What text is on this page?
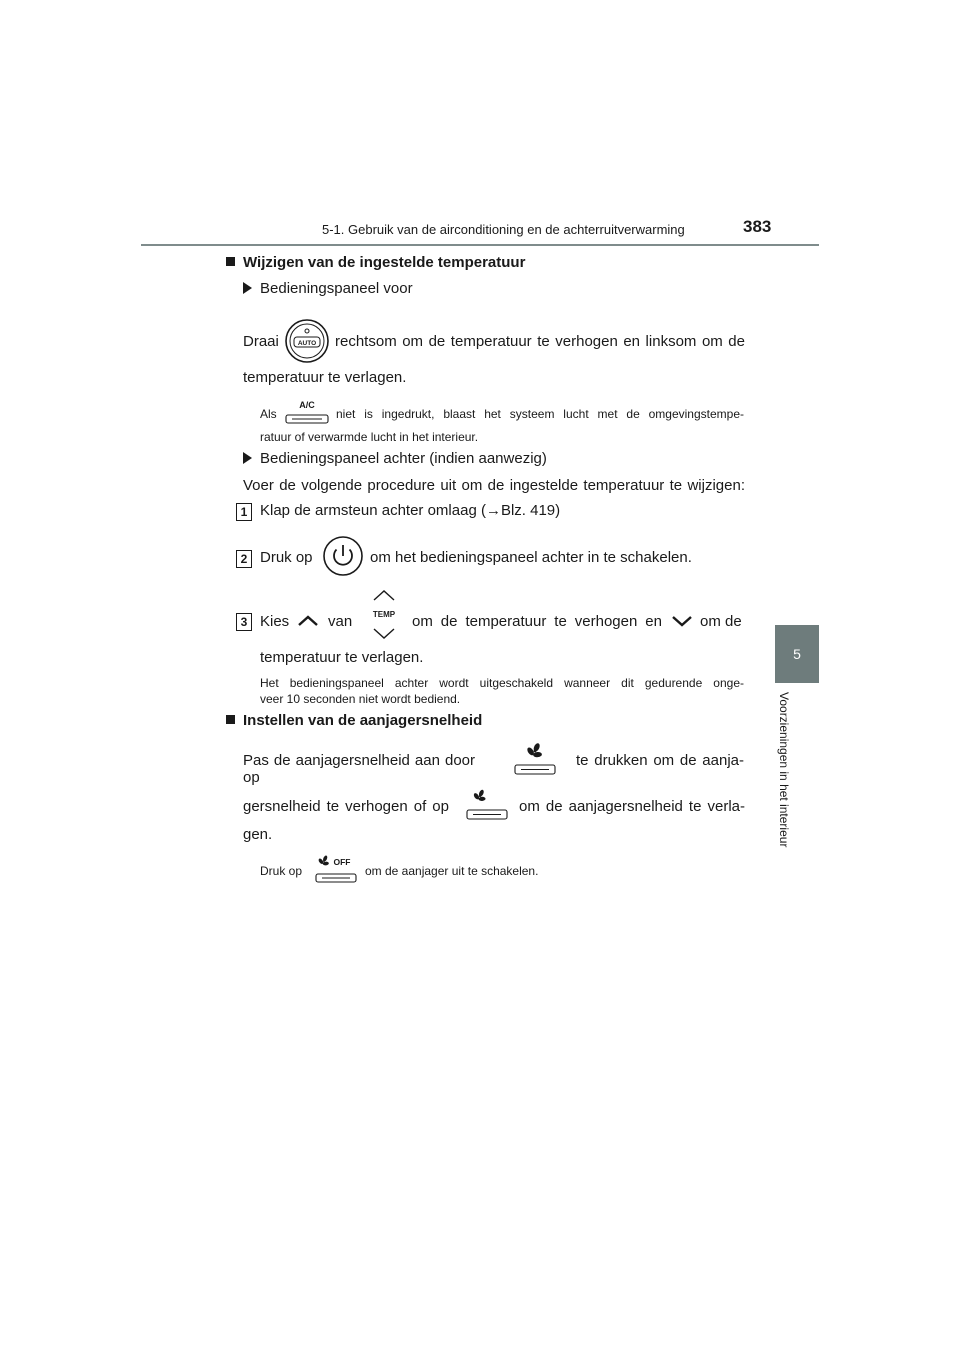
5-1. Gebruik van de airconditioning en de achterruitverwarming	383
5
Voorzieningen in het interieur
Wijzigen van de ingestelde temperatuur
Bedieningspaneel voor
Draai	AUTO rechtsom om de temperatuur te verhogen en linksom om de
temperatuur te verlagen.
Als
A/C
niet is ingedrukt, blaast het systeem lucht met de omgevingstempe-
ratuur of verwarmde lucht in het interieur.
Bedieningspaneel achter (indien aanwezig)
Voer de volgende procedure uit om de ingestelde temperatuur te wijzigen:
1 Klap de armsteun achter omlaag (→Blz. 419)
2 Druk op	om het bedieningspaneel achter in te schakelen.
3 Kies	van	TEMP om de temperatuur te verhogen en	om de
temperatuur te verlagen.
Het bedieningspaneel achter wordt uitgeschakeld wanneer dit gedurende onge-
veer 10 seconden niet wordt bediend.
Instellen van de aanjagersnelheid
Pas de aanjagersnelheid aan door op
te drukken om de aanja-
gersnelheid te verhogen of op	om de aanjagersnelheid te verla-
gen.
Druk op
OFF
om de aanjager uit te schakelen.
